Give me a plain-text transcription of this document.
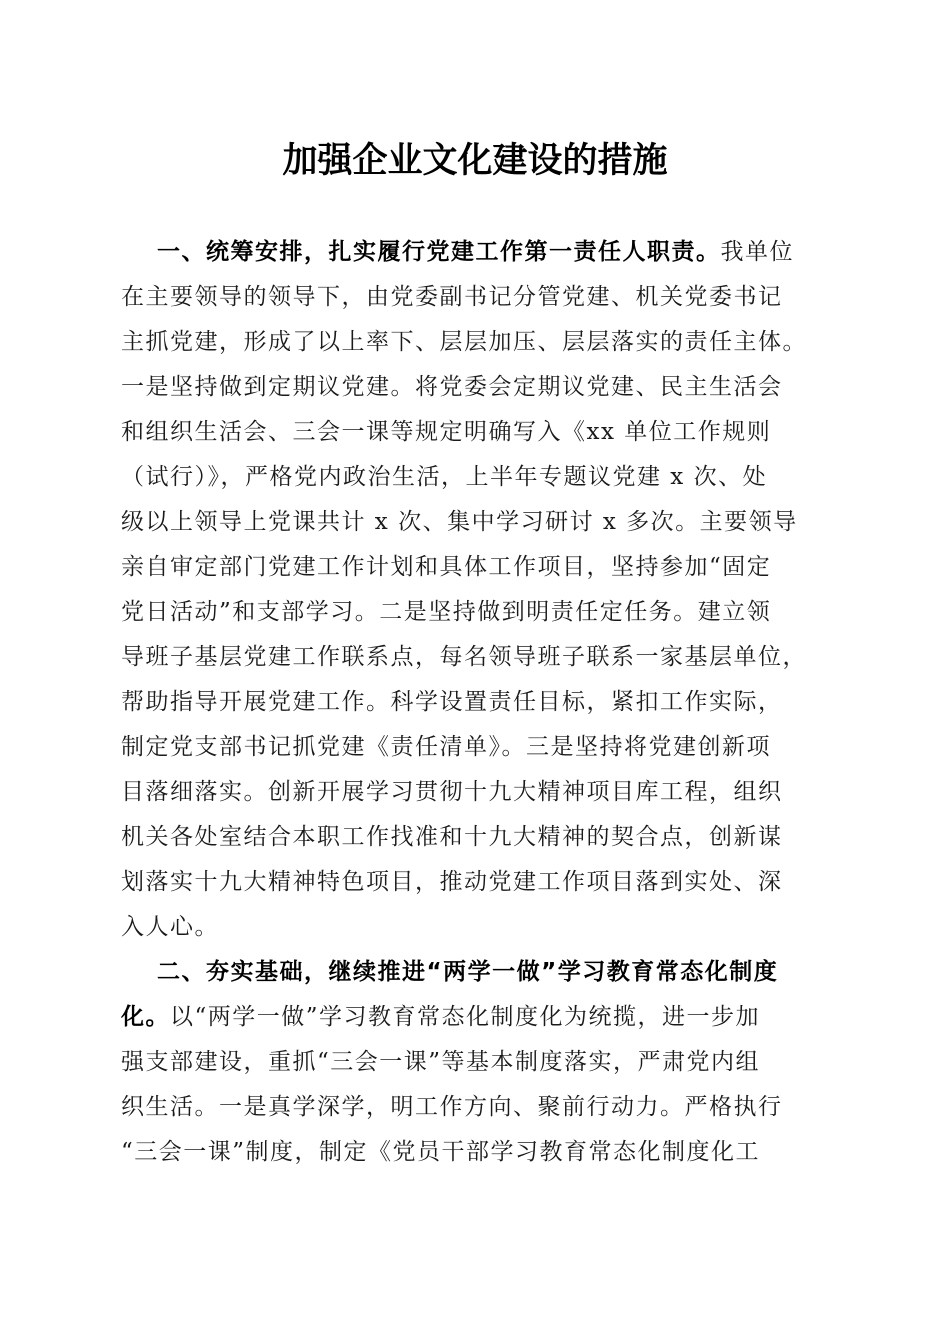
加强企业文化建设的措施
一、统筹安排，扎实履行党建工作第一责任人职责。我单位
在主要领导的领导下，由党委副书记分管党建、机关党委书记
主抓党建，形成了以上率下、层层加压、层层落实的责任主体。
一是坚持做到定期议党建。将党委会定期议党建、民主生活会
和组织生活会、三会一课等规定明确写入《xx 单位工作规则
（试行）》，严格党内政治生活，上半年专题议党建 x 次、处
级以上领导上党课共计 x 次、集中学习研讨 x 多次。主要领导
亲自审定部门党建工作计划和具体工作项目，坚持参加“固定
党日活动”和支部学习。二是坚持做到明责任定任务。建立领
导班子基层党建工作联系点，每名领导班子联系一家基层单位，
帮助指导开展党建工作。科学设置责任目标，紧扣工作实际，
制定党支部书记抓党建《责任清单》。三是坚持将党建创新项
目落细落实。创新开展学习贯彻十九大精神项目库工程，组织
机关各处室结合本职工作找准和十九大精神的契合点，创新谋
划落实十九大精神特色项目，推动党建工作项目落到实处、深
入人心。
二、夯实基础，继续推进“两学一做”学习教育常态化制度
化。以“两学一做”学习教育常态化制度化为统揽，进一步加
强支部建设，重抓“三会一课”等基本制度落实，严肃党内组
织生活。一是真学深学，明工作方向、聚前行动力。严格执行
“三会一课”制度，制定《党员干部学习教育常态化制度化工
